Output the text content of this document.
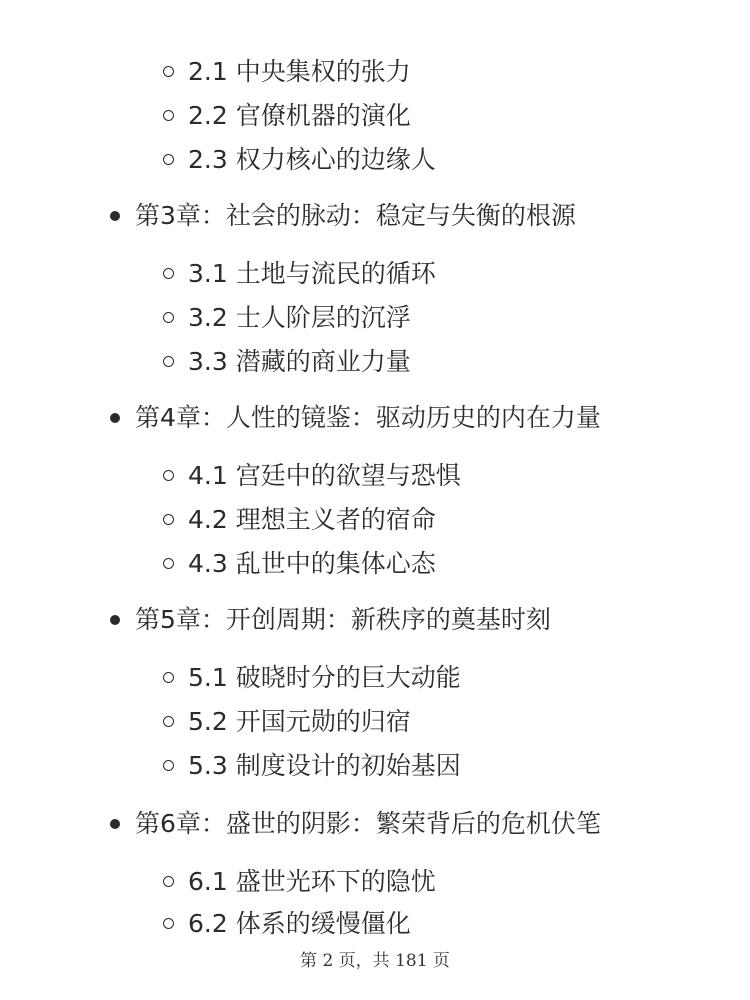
2.1 中央集权的张力
2.2 官僚机器的演化
2.3 权力核心的边缘人
第3章：社会的脉动：稳定与失衡的根源
3.1 土地与流民的循环
3.2 士人阶层的沉浮
3.3 潜藏的商业力量
第4章：人性的镜鉴：驱动历史的内在力量
4.1 宫廷中的欲望与恐惧
4.2 理想主义者的宿命
4.3 乱世中的集体心态
第5章：开创周期：新秩序的奠基时刻
5.1 破晓时分的巨大动能
5.2 开国元勋的归宿
5.3 制度设计的初始基因
第6章：盛世的阴影：繁荣背后的危机伏笔
6.1 盛世光环下的隐忧
6.2 体系的缓慢僵化
第 2 页，共 181 页
